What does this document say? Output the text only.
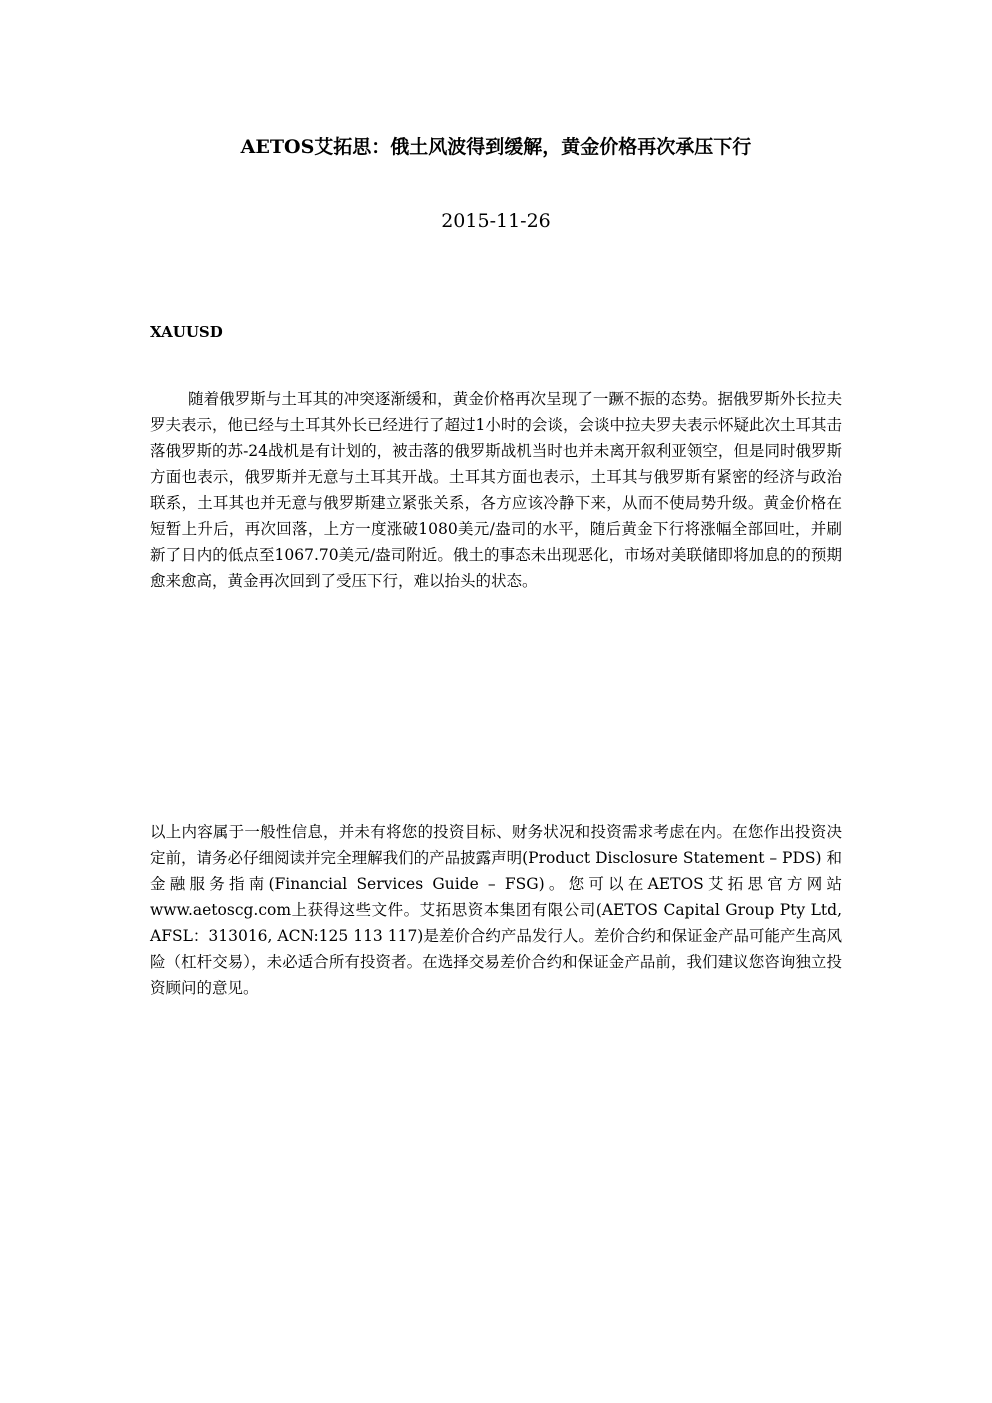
AETOS艾拓思：俄土风波得到缓解，黄金价格再次承压下行
2015-11-26
XAUUSD

随着俄罗斯与土耳其的冲突逐渐缓和，黄金价格再次呈现了一蹶不振的态势。据俄罗斯外长拉夫罗夫表示，他已经与土耳其外长已经进行了超过1小时的会谈，会谈中拉夫罗夫表示怀疑此次土耳其击落俄罗斯的苏-24战机是有计划的，被击落的俄罗斯战机当时也并未离开叙利亚领空，但是同时俄罗斯方面也表示，俄罗斯并无意与土耳其开战。土耳其方面也表示，土耳其与俄罗斯有紧密的经济与政治联系，土耳其也并无意与俄罗斯建立紧张关系，各方应该冷静下来，从而不使局势升级。黄金价格在短暂上升后，再次回落，上方一度涨破1080美元/盎司的水平，随后黄金下行将涨幅全部回吐，并刷新了日内的低点至1067.70美元/盎司附近。俄土的事态未出现恶化，市场对美联储即将加息的的预期愈来愈高，黄金再次回到了受压下行，难以抬头的状态。

以上内容属于一般性信息，并未有将您的投资目标、财务状况和投资需求考虑在内。在您作出投资决定前，请务必仔细阅读并完全理解我们的产品披露声明(Product Disclosure Statement – PDS) 和金融服务指南(Financial Services Guide – FSG)。您可以在AETOS艾拓思官方网站www.aetoscg.com上获得这些文件。艾拓思资本集团有限公司(AETOS Capital Group Pty Ltd, AFSL：313016, ACN:125 113 117)是差价合约产品发行人。差价合约和保证金产品可能产生高风险（杠杆交易），未必适合所有投资者。在选择交易差价合约和保证金产品前，我们建议您咨询独立投资顾问的意见。
